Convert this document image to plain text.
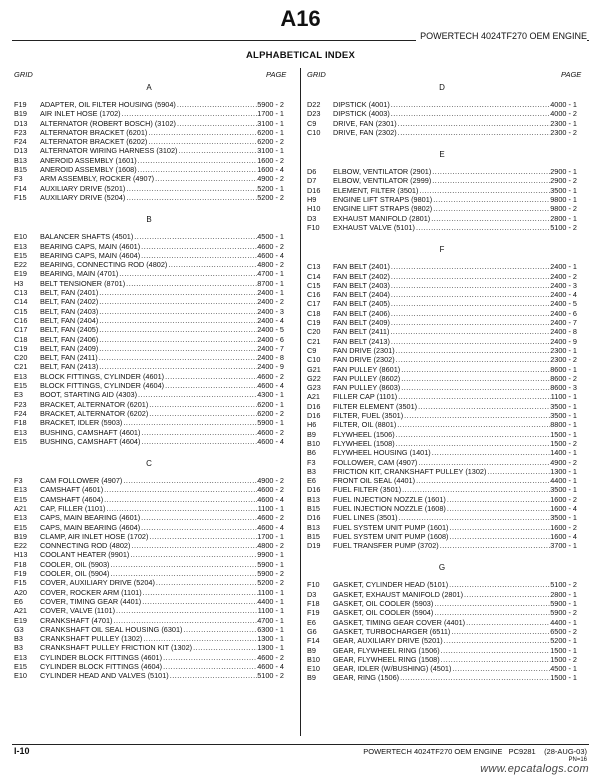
A16
POWERTECH 4024TF270 OEM ENGINE
ALPHABETICAL INDEX
GRID	PAGE	GRID	PAGE
A
F19	ADAPTER, OIL FILTER HOUSING (5904) .....	5900 - 2
B19	AIR INLET HOSE (1702) .....	1700 - 1
D13	ALTERNATOR (ROBERT BOSCH) (3102) .....	3100 - 1
F23	ALTERNATOR BRACKET (6201) .....	6200 - 1
F24	ALTERNATOR BRACKET (6202) .....	6200 - 2
D13	ALTERNATOR WIRING HARNESS (3102) .....	3100 - 1
B13	ANEROID ASSEMBLY (1601) .....	1600 - 2
B15	ANEROID ASSEMBLY (1608) .....	1600 - 4
F3	ARM ASSEMBLY, ROCKER (4907) .....	4900 - 2
F14	AUXILIARY DRIVE (5201) .....	5200 - 1
F15	AUXILIARY DRIVE (5204) .....	5200 - 2
B
E10	BALANCER SHAFTS (4501) .....	4500 - 1
E13	BEARING CAPS, MAIN (4601) .....	4600 - 2
E15	BEARING CAPS, MAIN (4604) .....	4600 - 4
E22	BEARING, CONNECTING ROD (4802) .....	4800 - 2
E19	BEARING, MAIN (4701) .....	4700 - 1
H3	BELT TENSIONER (8701) .....	8700 - 1
C13	BELT, FAN (2401) .....	2400 - 1
C14	BELT, FAN (2402) .....	2400 - 2
C15	BELT, FAN (2403) .....	2400 - 3
C16	BELT, FAN (2404) .....	2400 - 4
C17	BELT, FAN (2405) .....	2400 - 5
C18	BELT, FAN (2406) .....	2400 - 6
C19	BELT, FAN (2409) .....	2400 - 7
C20	BELT, FAN (2411) .....	2400 - 8
C21	BELT, FAN (2413) .....	2400 - 9
E13	BLOCK FITTINGS, CYLINDER (4601) .....	4600 - 2
E15	BLOCK FITTINGS, CYLINDER (4604) .....	4600 - 4
E3	BOOT, STARTING AID (4303) .....	4300 - 1
F23	BRACKET, ALTERNATOR (6201) .....	6200 - 1
F24	BRACKET, ALTERNATOR (6202) .....	6200 - 2
F18	BRACKET, IDLER (5903) .....	5900 - 1
E13	BUSHING, CAMSHAFT (4601) .....	4600 - 2
E15	BUSHING, CAMSHAFT (4604) .....	4600 - 4
C
F3	CAM FOLLOWER (4907) .....	4900 - 2
E13	CAMSHAFT (4601) .....	4600 - 2
E15	CAMSHAFT (4604) .....	4600 - 4
A21	CAP, FILLER (1101) .....	1100 - 1
E13	CAPS, MAIN BEARING (4601) .....	4600 - 2
E15	CAPS, MAIN BEARING (4604) .....	4600 - 4
B19	CLAMP, AIR INLET HOSE (1702) .....	1700 - 1
E22	CONNECTING ROD (4802) .....	4800 - 2
H13	COOLANT HEATER (9901) .....	9900 - 1
F18	COOLER, OIL (5903) .....	5900 - 1
F19	COOLER, OIL (5904) .....	5900 - 2
F15	COVER, AUXILIARY DRIVE (5204) .....	5200 - 2
A20	COVER, ROCKER ARM (1101) .....	1100 - 1
E6	COVER, TIMING GEAR (4401) .....	4400 - 1
A21	COVER, VALVE (1101) .....	1100 - 1
E19	CRANKSHAFT (4701) .....	4700 - 1
G3	CRANKSHAFT OIL SEAL HOUSING (6301) .....	6300 - 1
B3	CRANKSHAFT PULLEY (1302) .....	1300 - 1
B3	CRANKSHAFT PULLEY FRICTION KIT (1302) .....	1300 - 1
E13	CYLINDER BLOCK FITTINGS (4601) .....	4600 - 2
E15	CYLINDER BLOCK FITTINGS (4604) .....	4600 - 4
E10	CYLINDER HEAD AND VALVES (5101) .....	5100 - 2
D
D22	DIPSTICK (4001) .....	4000 - 1
D23	DIPSTICK (4003) .....	4000 - 2
C9	DRIVE, FAN (2301) .....	2300 - 1
C10	DRIVE, FAN (2302) .....	2300 - 2
E
D6	ELBOW, VENTILATOR (2901) .....	2900 - 1
D7	ELBOW, VENTILATOR (2999) .....	2900 - 2
D16	ELEMENT, FILTER (3501) .....	3500 - 1
H9	ENGINE LIFT STRAPS (9801) .....	9800 - 1
H10	ENGINE LIFT STRAPS (9802) .....	9800 - 2
D3	EXHAUST MANIFOLD (2801) .....	2800 - 1
F10	EXHAUST VALVE (5101) .....	5100 - 2
F
C13	FAN BELT (2401) .....	2400 - 1
C14	FAN BELT (2402) .....	2400 - 2
C15	FAN BELT (2403) .....	2400 - 3
C16	FAN BELT (2404) .....	2400 - 4
C17	FAN BELT (2405) .....	2400 - 5
C18	FAN BELT (2406) .....	2400 - 6
C19	FAN BELT (2409) .....	2400 - 7
C20	FAN BELT (2411) .....	2400 - 8
C21	FAN BELT (2413) .....	2400 - 9
C9	FAN DRIVE (2301) .....	2300 - 1
C10	FAN DRIVE (2302) .....	2300 - 2
G21	FAN PULLEY (8601) .....	8600 - 1
G22	FAN PULLEY (8602) .....	8600 - 2
G23	FAN PULLEY (8603) .....	8600 - 3
A21	FILLER CAP (1101) .....	1100 - 1
D16	FILTER ELEMENT (3501) .....	3500 - 1
D16	FILTER, FUEL (3501) .....	3500 - 1
H6	FILTER, OIL (8801) .....	8800 - 1
B9	FLYWHEEL (1506) .....	1500 - 1
B10	FLYWHEEL (1508) .....	1500 - 2
B6	FLYWHEEL HOUSING (1401) .....	1400 - 1
F3	FOLLOWER, CAM (4907) .....	4900 - 2
B3	FRICTION KIT, CRANKSHAFT PULLEY (1302) .....	1300 - 1
E6	FRONT OIL SEAL (4401) .....	4400 - 1
D16	FUEL FILTER (3501) .....	3500 - 1
B13	FUEL INJECTION NOZZLE (1601) .....	1600 - 2
B15	FUEL INJECTION NOZZLE (1608) .....	1600 - 4
D16	FUEL LINES (3501) .....	3500 - 1
B13	FUEL SYSTEM UNIT PUMP (1601) .....	1600 - 2
B15	FUEL SYSTEM UNIT PUMP (1608) .....	1600 - 4
D19	FUEL TRANSFER PUMP (3702) .....	3700 - 1
G
F10	GASKET, CYLINDER HEAD (5101) .....	5100 - 2
D3	GASKET, EXHAUST MANIFOLD (2801) .....	2800 - 1
F18	GASKET, OIL COOLER (5903) .....	5900 - 1
F19	GASKET, OIL COOLER (5904) .....	5900 - 2
E6	GASKET, TIMING GEAR COVER (4401) .....	4400 - 1
G6	GASKET, TURBOCHARGER (6511) .....	6500 - 2
F14	GEAR, AUXILIARY DRIVE (5201) .....	5200 - 1
B9	GEAR, FLYWHEEL RING (1506) .....	1500 - 1
B10	GEAR, FLYWHEEL RING (1508) .....	1500 - 2
E10	GEAR, IDLER (W/BUSHING) (4501) .....	4500 - 1
B9	GEAR, RING (1506) .....	1500 - 1
I-10	POWERTECH 4024TF270 OEM ENGINE PC9281 (28-AUG-03)
PN=16
www.epcatalogs.com
